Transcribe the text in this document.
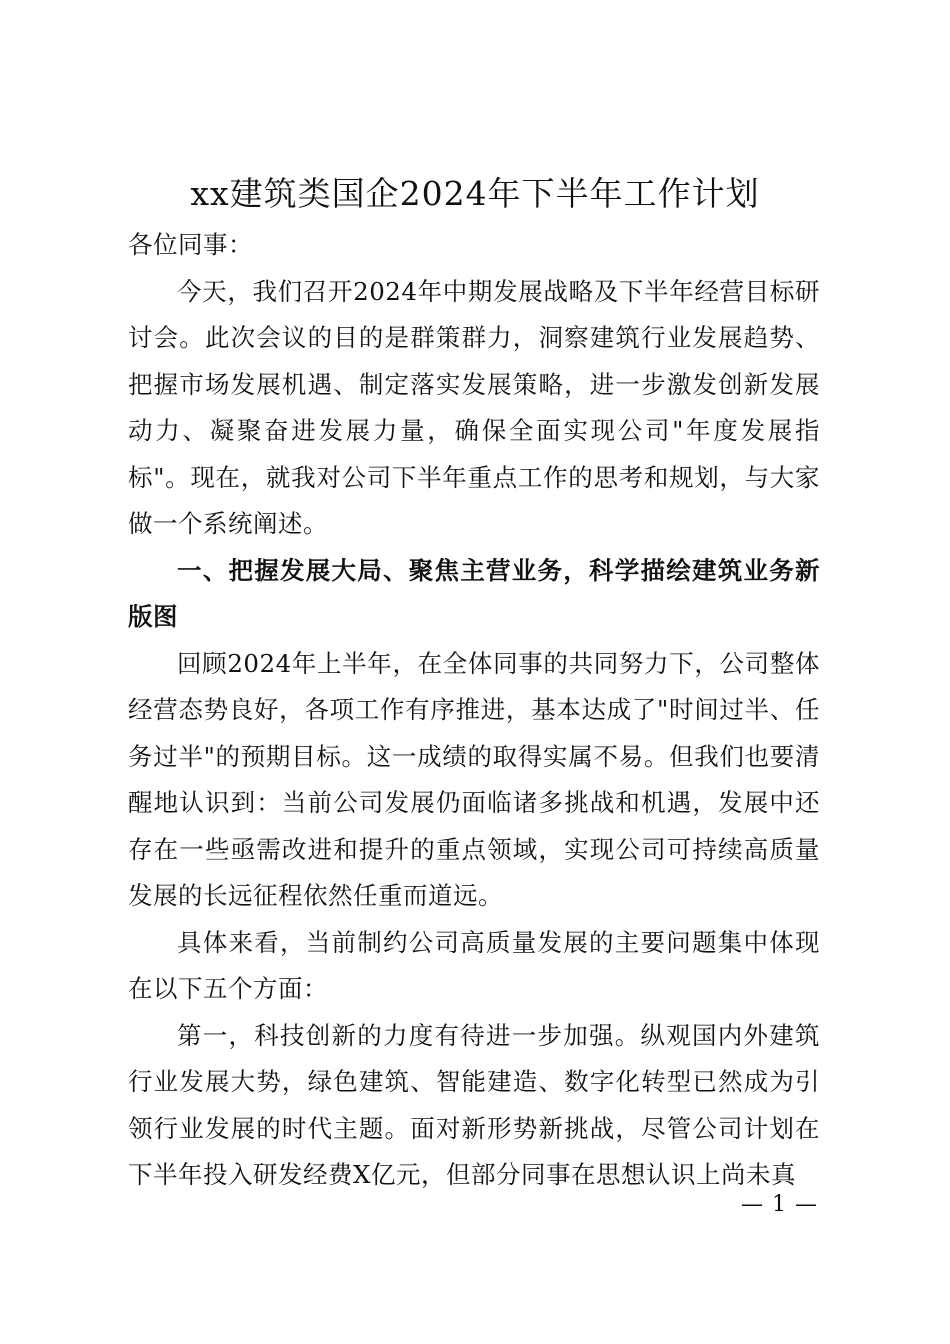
xx建筑类国企2024年下半年工作计划

各位同事：

今天，我们召开2024年中期发展战略及下半年经营目标研讨会。此次会议的目的是群策群力，洞察建筑行业发展趋势、把握市场发展机遇、制定落实发展策略，进一步激发创新发展动力、凝聚奋进发展力量，确保全面实现公司"年度发展指标"。现在，就我对公司下半年重点工作的思考和规划，与大家做一个系统阐述。

一、把握发展大局、聚焦主营业务，科学描绘建筑业务新版图

回顾2024年上半年，在全体同事的共同努力下，公司整体经营态势良好，各项工作有序推进，基本达成了"时间过半、任务过半"的预期目标。这一成绩的取得实属不易。但我们也要清醒地认识到：当前公司发展仍面临诸多挑战和机遇，发展中还存在一些亟需改进和提升的重点领域，实现公司可持续高质量发展的长远征程依然任重而道远。

具体来看，当前制约公司高质量发展的主要问题集中体现在以下五个方面：

第一，科技创新的力度有待进一步加强。纵观国内外建筑行业发展大势，绿色建筑、智能建造、数字化转型已然成为引领行业发展的时代主题。面对新形势新挑战，尽管公司计划在下半年投入研发经费X亿元，但部分同事在思想认识上尚未真

— 1 —
